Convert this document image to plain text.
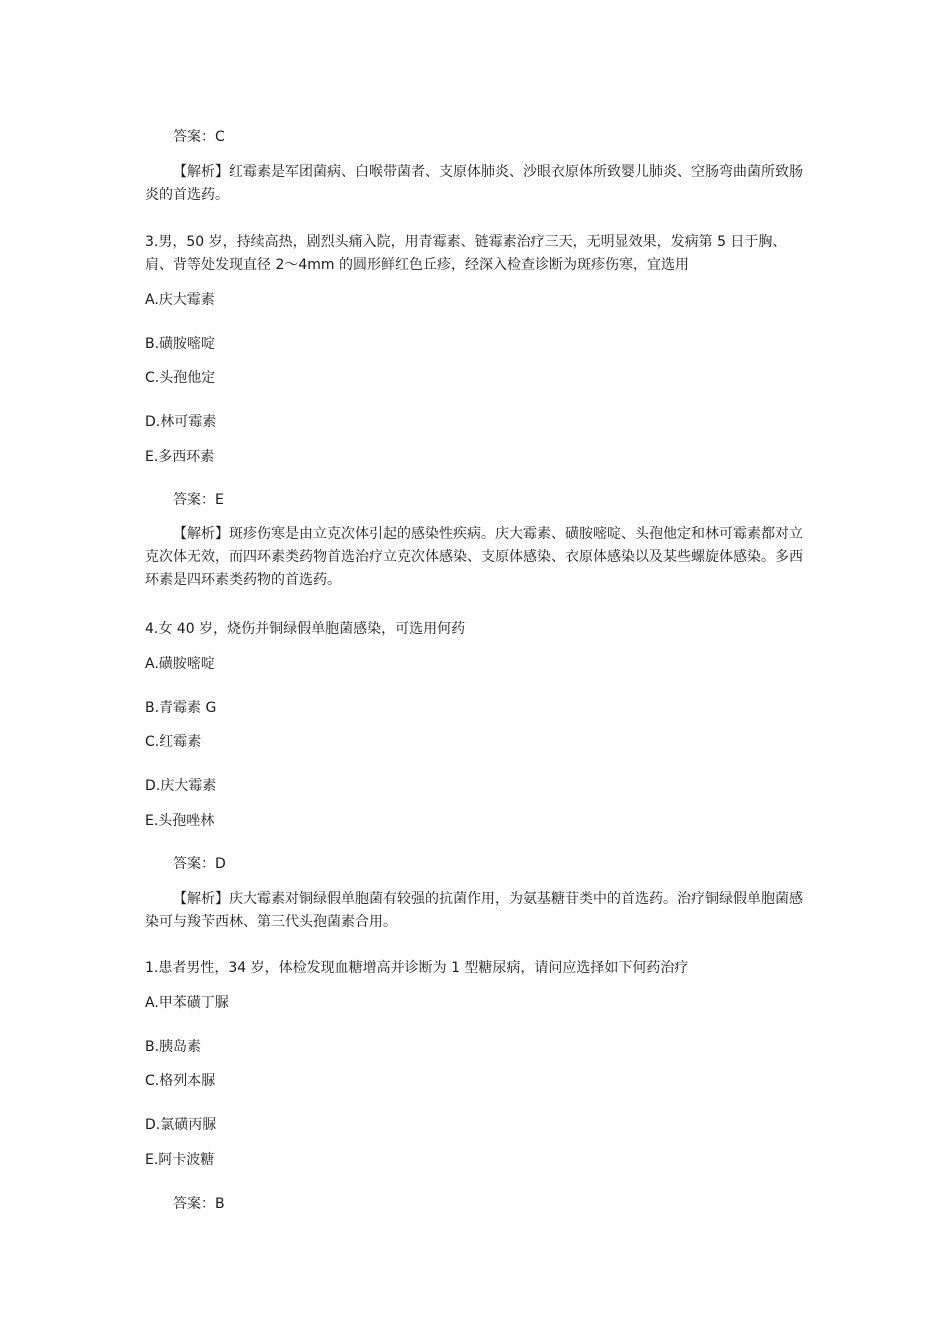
答案：C
【解析】红霉素是军团菌病、白喉带菌者、支原体肺炎、沙眼衣原体所致婴儿肺炎、空肠弯曲菌所致肠炎的首选药。
3.男，50 岁，持续高热，剧烈头痛入院，用青霉素、链霉素治疗三天，无明显效果，发病第 5 日于胸、肩、背等处发现直径 2～4mm 的圆形鲜红色丘疹，经深入检查诊断为斑疹伤寒，宜选用
A.庆大霉素
B.磺胺嘧啶
C.头孢他定
D.林可霉素
E.多西环素
答案：E
【解析】斑疹伤寒是由立克次体引起的感染性疾病。庆大霉素、磺胺嘧啶、头孢他定和林可霉素都对立克次体无效，而四环素类药物首选治疗立克次体感染、支原体感染、衣原体感染以及某些螺旋体感染。多西环素是四环素类药物的首选药。
4.女 40 岁，烧伤并铜绿假单胞菌感染，可选用何药
A.磺胺嘧啶
B.青霉素 G
C.红霉素
D.庆大霉素
E.头孢唑林
答案：D
【解析】庆大霉素对铜绿假单胞菌有较强的抗菌作用，为氨基糖苷类中的首选药。治疗铜绿假单胞菌感染可与羧苄西林、第三代头孢菌素合用。
1.患者男性，34 岁，体检发现血糖增高并诊断为 1 型糖尿病，请问应选择如下何药治疗
A.甲苯磺丁脲
B.胰岛素
C.格列本脲
D.氯磺丙脲
E.阿卡波糖
答案：B
